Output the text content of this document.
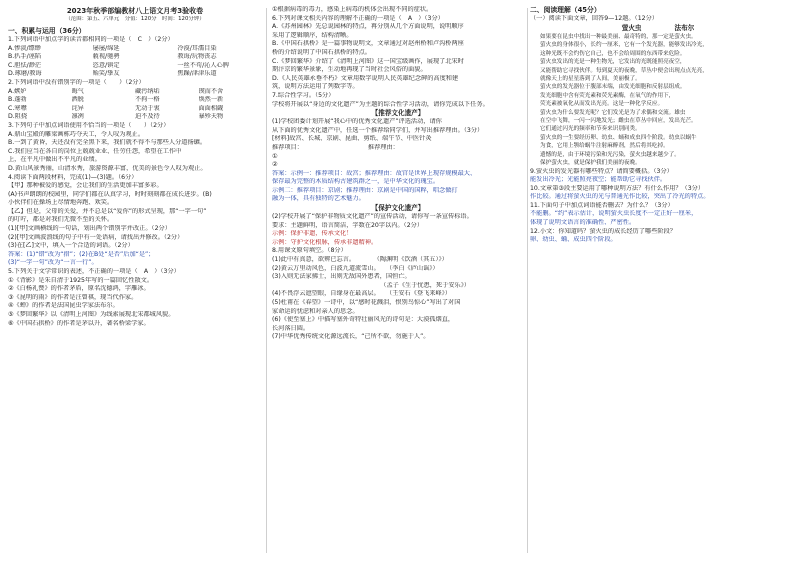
2023年秋季部编教材八上语文月考3验收卷
（范围：第五、六单元　分值：120分　时间：120分钟）
一、积累与运用（36分）
1.下列词语中加点字的读音都相同的一项是（　C　）（2分）
A.惨淡/缥缈	屡屡/绵延	冷漠/耳濡目染
B.扒手/诬陷	藐视/驰骋	教诲/玩物丧志
C.胆怯/渺茫	恣意/镇定	一丝不苟/沁人心脾
D.琢磨/教诲	贻笑/挚友	焦躁/津津乐道
2.下列词语中没有错别字的一项是（　　）（2分）
A.嫉妒	晦气	藏污纳垢	锲而不舍
B.蓬勃	洒脱	不拘一格	焕然一新
C.寒噤	诧异	无动于衷	面面相觑
D.阻挠	凛冽	迫不及待	暴殄天物
3.下列句子中加点词语使用不恰当的一项是（　　）（2分）
A.鼎山宝殿的雕梁画栋巧夺天工，令人叹为观止。
B.一到了黄昏，天还没有完全黑下来，我们就不得不与那些人分道扬镳。
C.我们应当在各自的岗位上兢兢业业、任劳任怨，希望在工作中
上，在平凡中做出不平凡的业绩。
D.黄山风景秀丽，山清水秀，旅游资源丰富，优美的景色令人叹为观止。
4.阅读下面两段材料，完成(1)—(3)题。（6分）
【甲】那种被爱的感觉，会让我们的生活更加丰富多彩。
(A)书声朗朗的校园里，同学们都在认真学习，时时刻刻都在成长进步。(B)
小伙伴们在操场上尽情地奔跑、欢笑。
【乙】但是，父母的关爱，并不总是以“爱你”的形式呈现，那“一字一句”
的叮咛，都是对我们无微不至的关怀。
(1)[甲]文画横线的一句话，划出两个错别字并改正。（2分）
(2)[甲]文画波浪线的句子中有一处语病，请找出并修改。（2分）
(3)在[乙]文中，填入一个合适的词语。（2分）
答案：(1)“错”改为“措”；(2)在B处“是否”后加“是”；
(3)“一字一句”改为“一言一行”。
5.下列关于文学常识的表述，不正确的一项是（　A　）（3分）
①《背影》是朱自清于1925年写的一篇回忆性散文。
②《白杨礼赞》的作者茅盾，原名沈德鸿，字雁冰。
③《昆明的雨》的作者是汪曾祺，现当代作家。
④《蝉》的作者是法国昆虫学家法布尔。
⑤《梦回繁华》以《清明上河图》为线索展现北宋都城风貌。
⑥《中国石拱桥》的作者是茅以升，著名桥梁学家。
①根据病毒的毒力，感染上病毒的机体会出现不同的症状。
6.下列对课文相关内容的理解不正确的一项是（　A　）（3分）
A.《苏州园林》先总说园林的特点，再分别从几个方面说明，说明顺序
采用了逻辑顺序，结构清晰。
B.《中国石拱桥》是一篇事物说明文，文章通过对赵州桥和卢沟桥两座
桥的介绍说明了中国石拱桥的特点。
C.《梦回繁华》介绍了《清明上河图》这一国宝级画作，展现了北宋时
期汴京的繁华景象，生动地再现了当时社会风俗的面貌。
D.《人民英雄永垂不朽》文章用数字说明人民英雄纪念碑的高度和建
筑，说明方法运用了列数字等。
7.综合性学习。（5分）
学校将开展以“身边的文化遗产”为主题的综合性学习活动，请你完成以下任务。
【推荐文化遗产】
(1)学校团委计划开展“我心中的优秀文化遗产”评选活动，请你
从下面的优秀文化遗产中，任选一个推荐给同学们，并写出推荐理由。（3分）
[材料]故宫、长城、京剧、昆曲、剪纸、端午节、中医针灸
推荐项目：　　　　　　　　　　　推荐理由：
①
②
答案：示例一：推荐项目：故宫；推荐理由：故宫是世界上现存规模最大、
保存最为完整的木质结构古建筑群之一，是中华文化的瑰宝。
示例二：推荐项目：京剧；推荐理由：京剧是中国的国粹，唱念做打
融为一体，具有独特的艺术魅力。
【保护文化遗产】
(2)学校开展了“保护非物质文化遗产”的宣传活动，请你写一条宣传标语。
要求：主题鲜明，语言简洁，字数在20字以内。（2分）
示例：保护非遗，传承文化！
示例：守护文化根脉，传承非遗精神。
8.用课文原句填空。（8分）
(1)此中有真意，欲辨已忘言。　　　　（陶渊明《饮酒（其五）》）
(2)黄云万里动风色，白波九道流雪山。　　（李白《庐山谣》）
(3)入则无法家拂士，出则无敌国外患者，国恒亡。
　　　　　　　　　　　　　　　　　　（孟子《生于忧患，死于安乐》）
(4)不畏浮云遮望眼，自缘身在最高层。　　（王安石《登飞来峰》）
(5)杜甫在《春望》一诗中，以“感时花溅泪，恨别鸟惊心”写出了对国
家命运的忧虑和对亲人的思念。
(6)《使至塞上》中描写塞外奇特壮丽风光的诗句是：大漠孤烟直，
长河落日圆。
(7)中华优秀传统文化源远流长，“己所不欲，勿施于人”。
二、阅读理解（45分）
（一）阅读下面文章，回答9—12题。（12分）
萤火虫　　　　　法布尔
如果要在昆虫中找出一种最美丽、最奇特的，那一定是萤火虫。
萤火虫的身体很小，长约一厘米，它有一个发光器，能够发出冷光，
这种光既不会灼伤它自己，也不会给周围的东西带来危险。
萤火虫发出的光是一种生物光，它发出的光既能照亮夜空，
又能帮助它寻找伙伴。每到夏天的夜晚，草丛中便会出现点点光亮，
就像天上的星星落到了人间，美丽极了。
萤火虫的发光器位于腹部末端，由发光细胞和反射层组成。
发光细胞中含有荧光素和荧光素酶，在氧气的作用下，
荧光素被氧化从而发出光亮。这是一种化学反应。
萤火虫为什么要发光呢？它们发光是为了求偶和交流。雄虫
在空中飞舞，一闪一闪地发光；雌虫在草丛中回应，发出光芒。
它们通过闪光的频率和节奏来识别同类。
萤火虫的一生要经历卵、幼虫、蛹和成虫四个阶段。幼虫以蜗牛
为食，它用上颚给蜗牛注射麻醉剂，然后将其吃掉。
遗憾的是，由于环境污染和光污染，萤火虫越来越少了。
保护萤火虫，就是保护我们美丽的夜晚。
9.萤火虫的发光器有哪些特点？请简要概括。（3分）
能发出冷光；光能照亮夜空；能帮助它寻找伙伴。
10.文章第③段主要运用了哪种说明方法？有什么作用？（3分）
作比较。通过将萤火虫的光与普通光作比较，突出了冷光的特点。
11.下面句子中加点词语能否删去？为什么？（3分）
不能删。“约”表示估计，说明萤火虫长度不一定正好一厘米，
体现了说明文语言的准确性、严密性。
12.小文：你知道吗？萤火虫的成长经历了哪些阶段？
卵、幼虫、蛹、成虫四个阶段。
